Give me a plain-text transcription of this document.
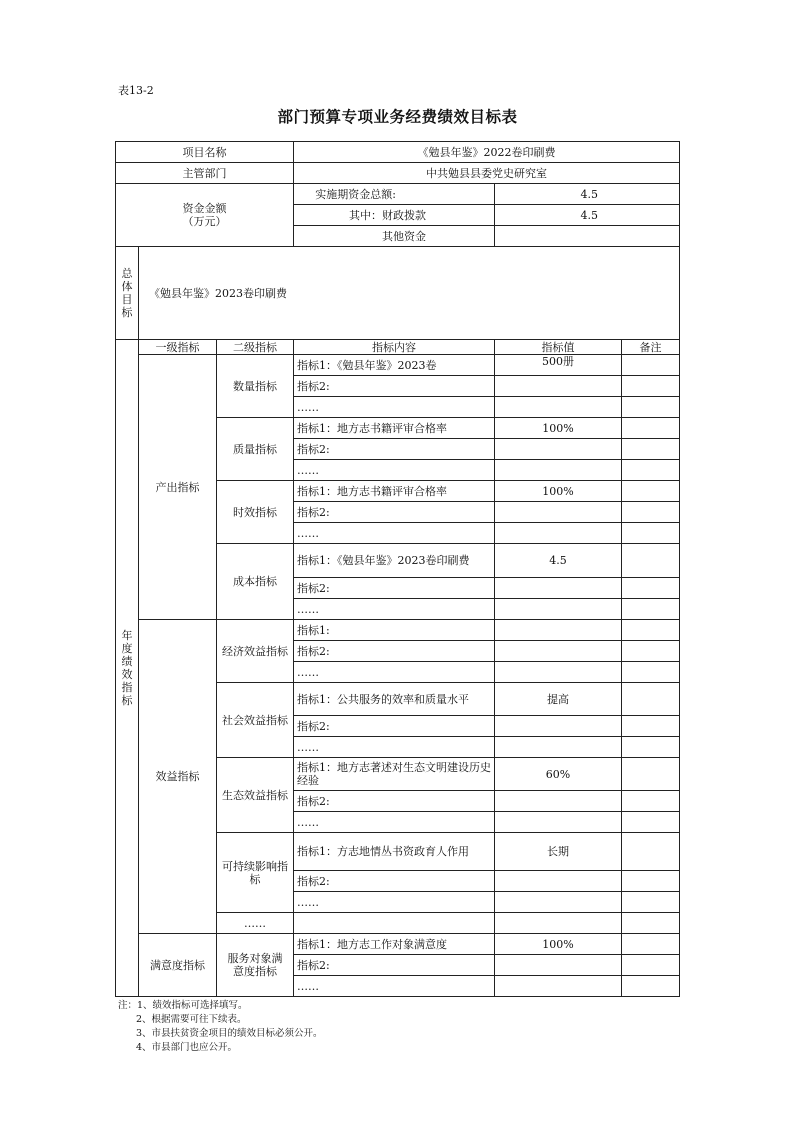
表13-2
部门预算专项业务经费绩效目标表
项目名称			《勉县年鉴》2022卷印刷费		
主管部门			中共勉县县委党史研究室		

资金金额
（万元）			实施期资金总额:	4.5	
			其中：财政拨款	4.5	
			其他资金		
总体目标	《勉县年鉴》2023卷印刷费				
年度绩效指标	一级指标	二级指标	指标内容	指标值	备注
	产出指标	数量指标	指标1：《勉县年鉴》2023卷	500册	
			指标2:		
			……		
		质量指标	指标1：地方志书籍评审合格率	100%	
			指标2:		
			……		
		时效指标	指标1：地方志书籍评审合格率	100%	
			指标2:		
			……		
		成本指标	指标1：《勉县年鉴》2023卷印刷费	4.5	
			指标2:		
			……		
	效益指标	经济效益指标	指标1:		
			指标2:		
			……		
		社会效益指标	指标1：公共服务的效率和质量水平	提高	
			指标2:		
			……		
		生态效益指标	指标1：地方志著述对生态文明建设历史经验	60%	
			指标2:		
			……		
		可持续影响指标	指标1：方志地情丛书资政育人作用	长期	
			指标2:		
			……		
		……			
	满意度指标	服务对象满意度指标	指标1：地方志工作对象满意度	100%	
			指标2:		
			……		
注：1、绩效指标可选择填写。
2、根据需要可往下续表。
3、市县扶贫资金项目的绩效目标必须公开。
4、市县部门也应公开。
